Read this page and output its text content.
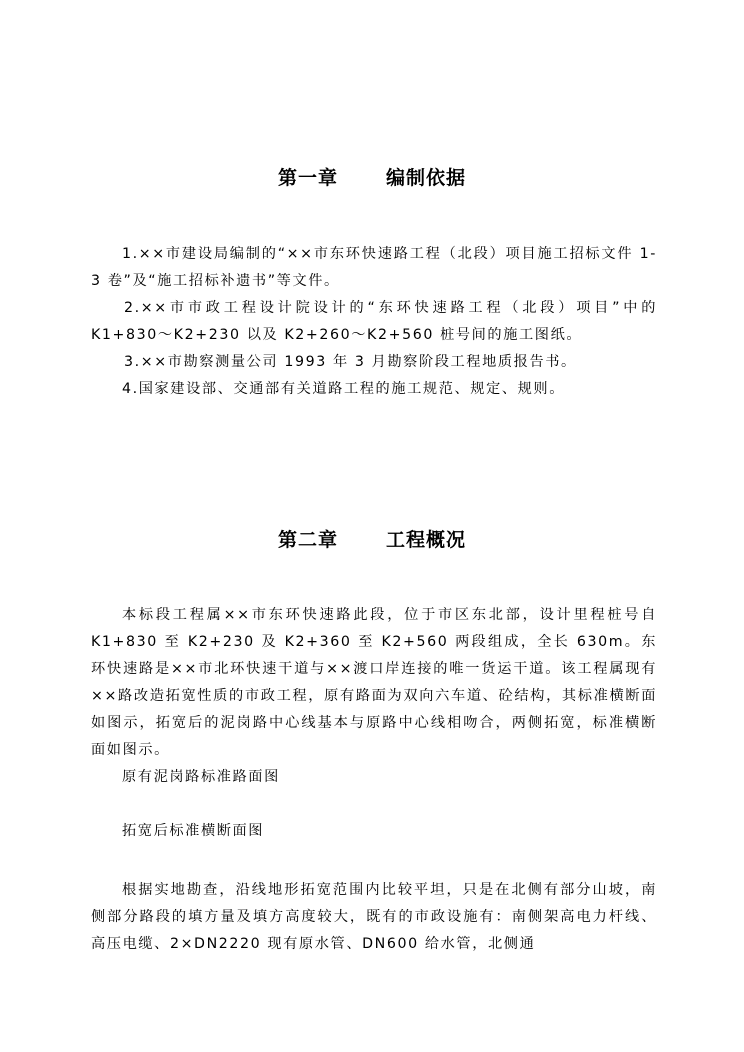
第一章	编制依据

1.××市建设局编制的“××市东环快速路工程（北段）项目施工招标文件 1-3 卷”及“施工招标补遗书”等文件。

2.××市市政工程设计院设计的“东环快速路工程（北段）项目”中的 K1+830～K2+230 以及 K2+260～K2+560 桩号间的施工图纸。

3.××市勘察测量公司 1993 年 3 月勘察阶段工程地质报告书。

4.国家建设部、交通部有关道路工程的施工规范、规定、规则。

第二章	工程概况

本标段工程属××市东环快速路此段，位于市区东北部，设计里程桩号自 K1+830 至 K2+230 及 K2+360 至 K2+560 两段组成，全长 630m。东环快速路是××市北环快速干道与××渡口岸连接的唯一货运干道。该工程属现有××路改造拓宽性质的市政工程，原有路面为双向六车道、砼结构，其标准横断面如图示，拓宽后的泥岗路中心线基本与原路中心线相吻合，两侧拓宽，标准横断面如图示。

原有泥岗路标准路面图

拓宽后标准横断面图

根据实地勘查，沿线地形拓宽范围内比较平坦，只是在北侧有部分山坡，南侧部分路段的填方量及填方高度较大，既有的市政设施有：南侧架高电力杆线、高压电缆、2×DN2220 现有原水管、DN600 给水管，北侧通
